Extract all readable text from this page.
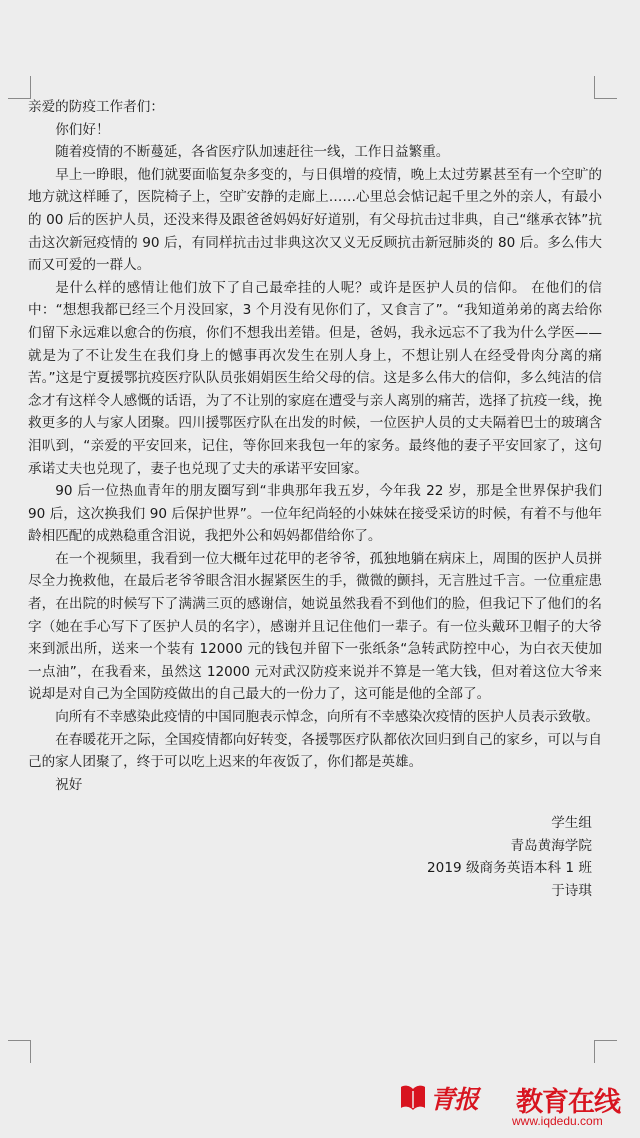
亲爱的防疫工作者们：

你们好！

随着疫情的不断蔓延，各省医疗队加速赶往一线，工作日益繁重。

早上一睁眼，他们就要面临复杂多变的，与日俱增的疫情，晚上太过劳累甚至有一个空旷的地方就这样睡了，医院椅子上，空旷安静的走廊上……心里总会惦记起千里之外的亲人，有最小的 00 后的医护人员，还没来得及跟爸爸妈妈好好道别，有父母抗击过非典，自己“继承衣钵”抗击这次新冠疫情的 90 后，有同样抗击过非典这次又义无反顾抗击新冠肺炎的 80 后。多么伟大而又可爱的一群人。

是什么样的感情让他们放下了自己最牵挂的人呢？或许是医护人员的信仰。 在他们的信中：“想想我都已经三个月没回家，3 个月没有见你们了，又食言了”。“我知道弟弟的离去给你们留下永远难以愈合的伤痕，你们不想我出差错。但是，爸妈，我永远忘不了我为什么学医——就是为了不让发生在我们身上的憾事再次发生在别人身上，不想让别人在经受骨肉分离的痛苦。”这是宁夏援鄂抗疫医疗队队员张娟娟医生给父母的信。这是多么伟大的信仰，多么纯洁的信念才有这样令人感慨的话语，为了不让别的家庭在遭受与亲人离别的痛苦，选择了抗疫一线，挽救更多的人与家人团聚。四川援鄂医疗队在出发的时候，一位医护人员的丈夫隔着巴士的玻璃含泪叭到，“亲爱的平安回来，记住，等你回来我包一年的家务。最终他的妻子平安回家了，这句承诺丈夫也兑现了，妻子也兑现了丈夫的承诺平安回家。

90 后一位热血青年的朋友圈写到“非典那年我五岁，今年我 22 岁，那是全世界保护我们 90 后，这次换我们 90 后保护世界”。一位年纪尚轻的小妹妹在接受采访的时候，有着不与他年龄相匹配的成熟稳重含泪说，我把外公和妈妈都借给你了。

在一个视频里，我看到一位大概年过花甲的老爷爷，孤独地躺在病床上，周围的医护人员拼尽全力挽救他，在最后老爷爷眼含泪水握紧医生的手，微微的颤抖，无言胜过千言。一位重症患者，在出院的时候写下了满满三页的感谢信，她说虽然我看不到他们的脸，但我记下了他们的名字（她在手心写下了医护人员的名字），感谢并且记住他们一辈子。有一位头戴环卫帽子的大爷来到派出所，送来一个装有 12000 元的钱包并留下一张纸条“急转武防控中心，为白衣天使加一点油”，在我看来，虽然这 12000 元对武汉防疫来说并不算是一笔大钱，但对着这位大爷来说却是对自己为全国防疫做出的自己最大的一份力了，这可能是他的全部了。

向所有不幸感染此疫情的中国同胞表示悼念，向所有不幸感染次疫情的医护人员表示致敬。

在春暖花开之际，全国疫情都向好转变，各援鄂医疗队都依次回归到自己的家乡，可以与自己的家人团聚了，终于可以吃上迟来的年夜饭了，你们都是英雄。

祝好

学生组
青岛黄海学院
2019 级商务英语本科 1 班
于诗琪
青报 教育在线
www.iqdedu.com
